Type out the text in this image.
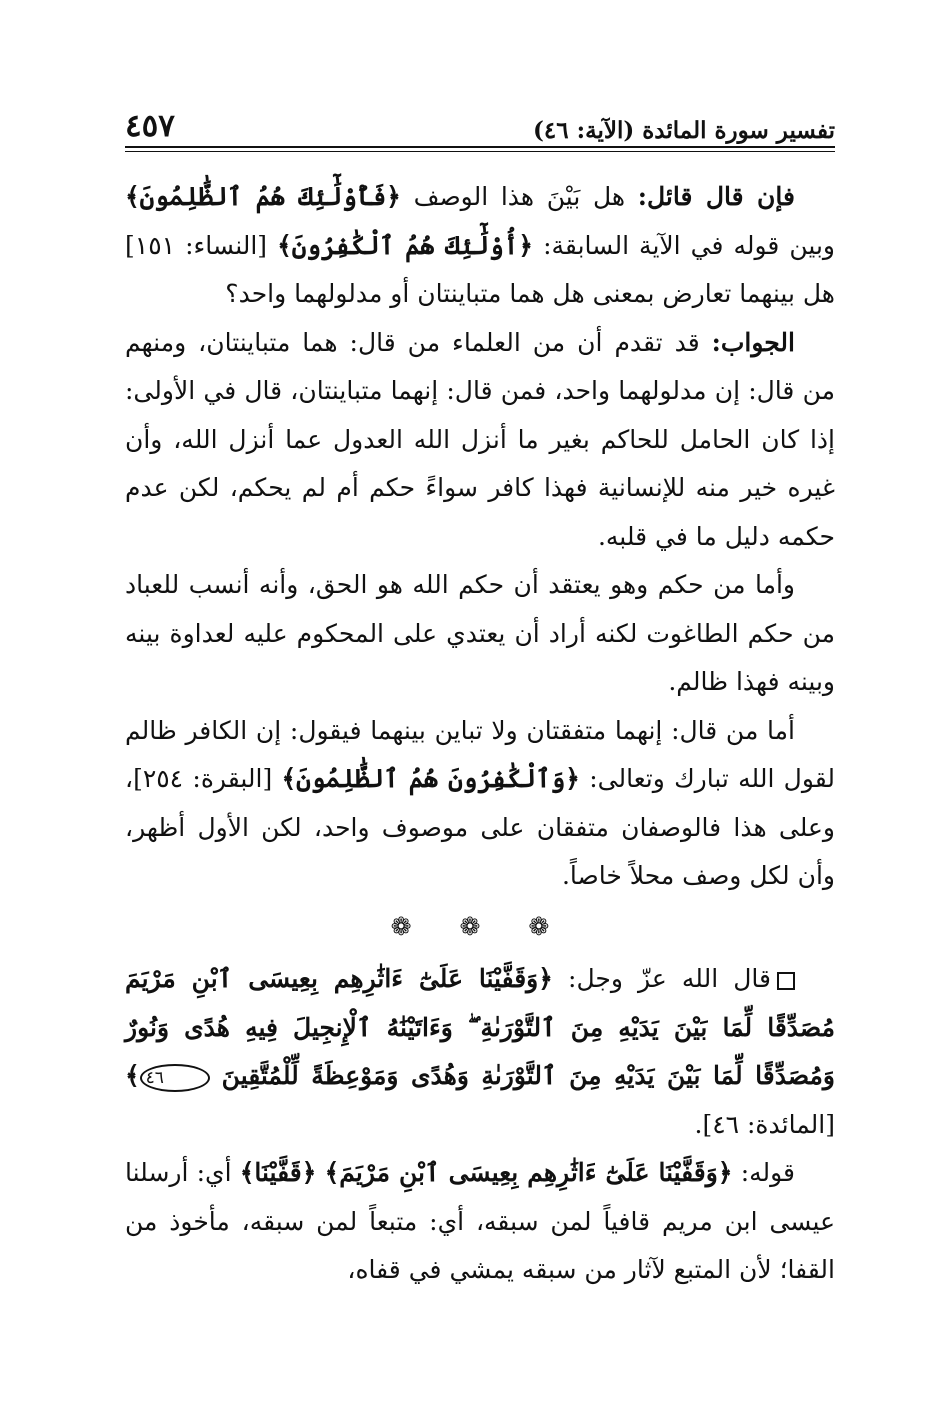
تفسير سورة المائدة (الآية: ٤٦)
٤٥٧

فإن قال قائل: هل بَيْنَ هذا الوصف ﴿فَأُوْلَٰٓئِكَ هُمُ ٱلظَّٰلِمُونَ﴾ وبين قوله في الآية السابقة: ﴿أُوْلَٰٓئِكَ هُمُ ٱلْكَٰفِرُونَ﴾ [النساء: ١٥١] هل بينهما تعارض بمعنى هل هما متباينتان أو مدلولهما واحد؟

الجواب: قد تقدم أن من العلماء من قال: هما متباينتان، ومنهم من قال: إن مدلولهما واحد، فمن قال: إنهما متباينتان، قال في الأولى: إذا كان الحامل للحاكم بغير ما أنزل الله العدول عما أنزل الله، وأن غيره خير منه للإنسانية فهذا كافر سواءً حكم أم لم يحكم، لكن عدم حكمه دليل ما في قلبه.

وأما من حكم وهو يعتقد أن حكم الله هو الحق، وأنه أنسب للعباد من حكم الطاغوت لكنه أراد أن يعتدي على المحكوم عليه لعداوة بينه وبينه فهذا ظالم.

أما من قال: إنهما متفقتان ولا تباين بينهما فيقول: إن الكافر ظالم لقول الله تبارك وتعالى: ﴿وَٱلْكَٰفِرُونَ هُمُ ٱلظَّٰلِمُونَ﴾ [البقرة: ٢٥٤]، وعلى هذا فالوصفان متفقان على موصوف واحد، لكن الأول أظهر، وأن لكل وصف محلاً خاصاً.

❁ ❁ ❁

قال الله عزّ وجل: ﴿وَقَفَّيْنَا عَلَىٰٓ ءَاثَٰرِهِم بِعِيسَى ٱبْنِ مَرْيَمَ مُصَدِّقًا لِّمَا بَيْنَ يَدَيْهِ مِنَ ٱلتَّوْرَىٰةِ ۖ وَءَاتَيْنَٰهُ ٱلْإِنجِيلَ فِيهِ هُدًى وَنُورٌ وَمُصَدِّقًا لِّمَا بَيْنَ يَدَيْهِ مِنَ ٱلتَّوْرَىٰةِ وَهُدًى وَمَوْعِظَةً لِّلْمُتَّقِينَ ٤٦﴾ [المائدة: ٤٦].

قوله: ﴿وَقَفَّيْنَا عَلَىٰٓ ءَاثَٰرِهِم بِعِيسَى ٱبْنِ مَرْيَمَ﴾ ﴿قَفَّيْنَا﴾ أي: أرسلنا عيسى ابن مريم قافياً لمن سبقه، أي: متبعاً لمن سبقه، مأخوذ من القفا؛ لأن المتبع لآثار من سبقه يمشي في قفاه،
